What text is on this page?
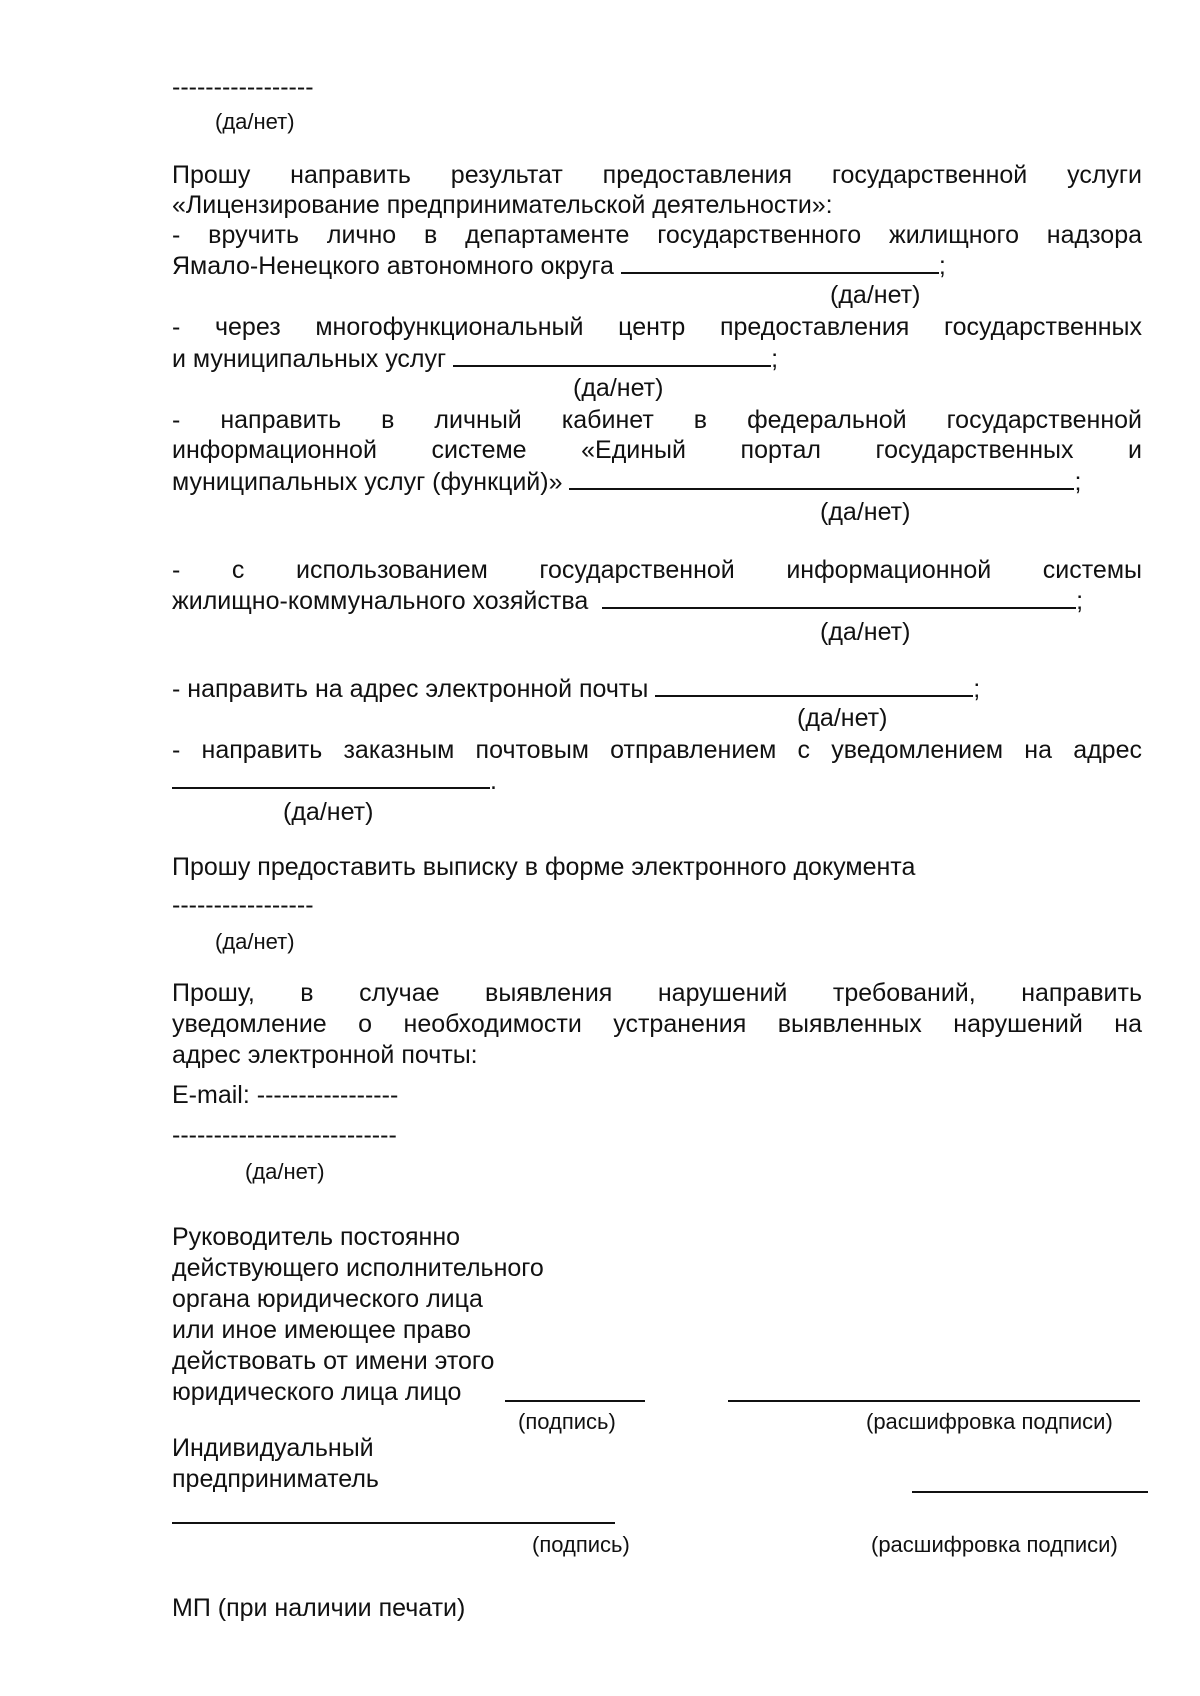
-----------------
(да/нет)
Прошу направить результат предоставления государственной услуги
«Лицензирование предпринимательской деятельности»:
- вручить лично в департаменте государственного жилищного надзора
Ямало-Ненецкого автономного округа	;
(да/нет)
- через многофункциональный центр предоставления государственных
и муниципальных услуг	;
(да/нет)
- направить в личный кабинет в федеральной государственной
информационной системе «Единый портал государственных и
муниципальных услуг (функций)»	;
(да/нет)
- с использованием государственной информационной системы
жилищно-коммунального хозяйства	;
(да/нет)
- направить на адрес электронной почты	;
(да/нет)
- направить заказным почтовым отправлением с уведомлением на адрес
.
(да/нет)
Прошу предоставить выписку в форме электронного документа
-----------------
(да/нет)
Прошу, в случае выявления нарушений требований, направить
уведомление о необходимости устранения выявленных нарушений на
адрес электронной почты:
E-mail: -----------------
---------------------------
(да/нет)
Руководитель постоянно
действующего исполнительного
органа юридического лица
или иное имеющее право
действовать от имени этого
юридического лица лицо
(подпись)	(расшифровка подписи)
Индивидуальный
предприниматель
(подпись)	(расшифровка подписи)
МП (при наличии печати)
